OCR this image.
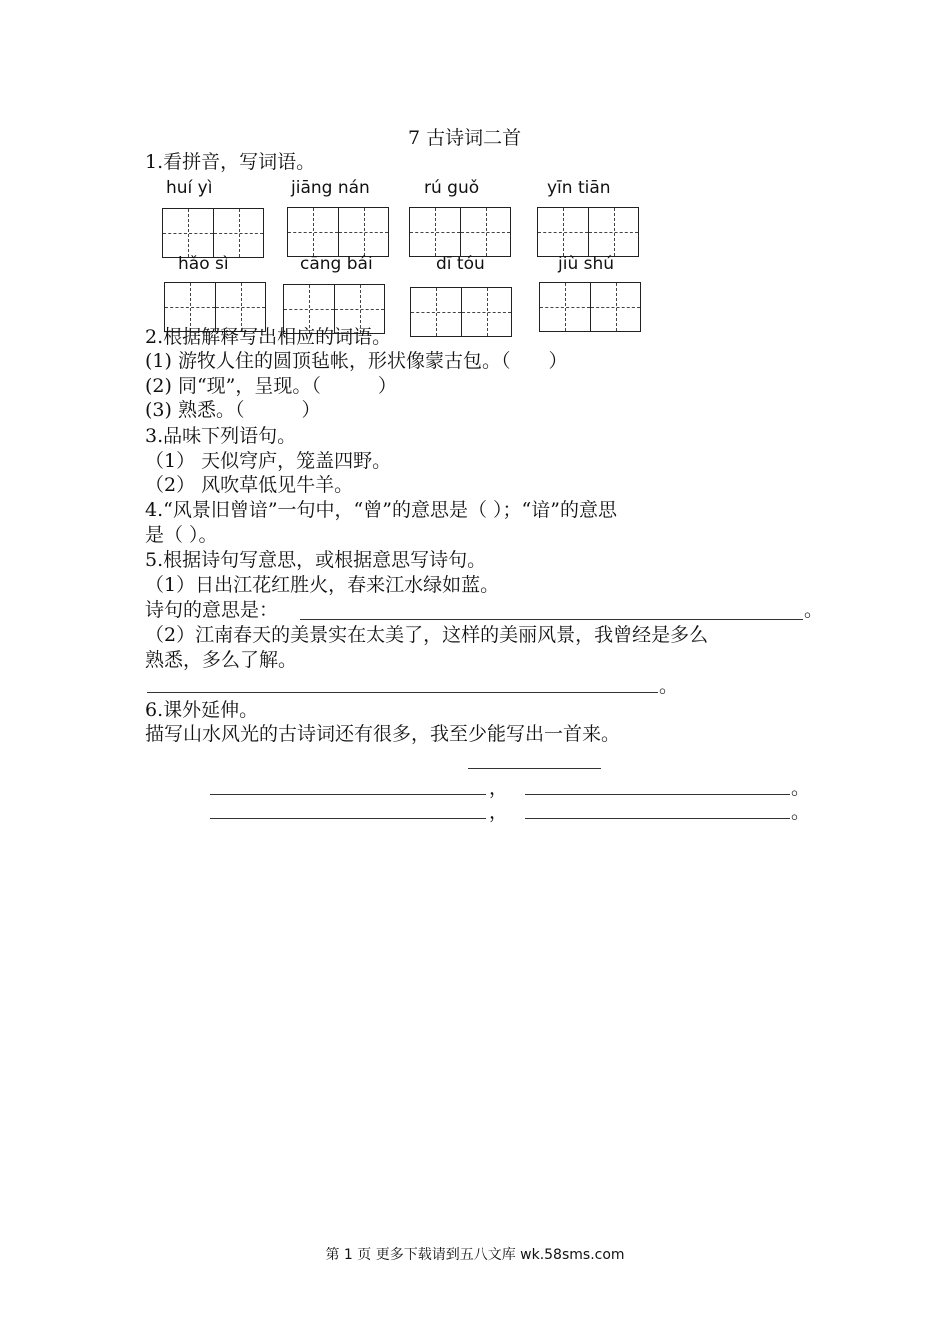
7 古诗词二首
1.看拼音，写词语。
huí yì	jiāng nán	rú guǒ	yīn tiān
hǎo sì	cāng bái	dī tóu	jiù shú
2.根据解释写出相应的词语。
(1) 游牧人住的圆顶毡帐，形状像蒙古包。（　　）
(2) 同“现”，呈现。（　　　）
(3) 熟悉。（　　　）
3.品味下列语句。
（1） 天似穹庐，笼盖四野。
（2） 风吹草低见牛羊。
4.“风景旧曾谙”一句中，“曾”的意思是（ ）；“谙”的意思
是（ ）。
5.根据诗句写意思，或根据意思写诗句。
（1）日出江花红胜火，春来江水绿如蓝。
诗句的意思是：	。
（2）江南春天的美景实在太美了，这样的美丽风景，我曾经是多么
熟悉，多么了解。
。
6.课外延伸。
描写山水风光的古诗词还有很多，我至少能写出一首来。
，	。
，	。
第 1 页 更多下载请到五八文库 wk.58sms.com
